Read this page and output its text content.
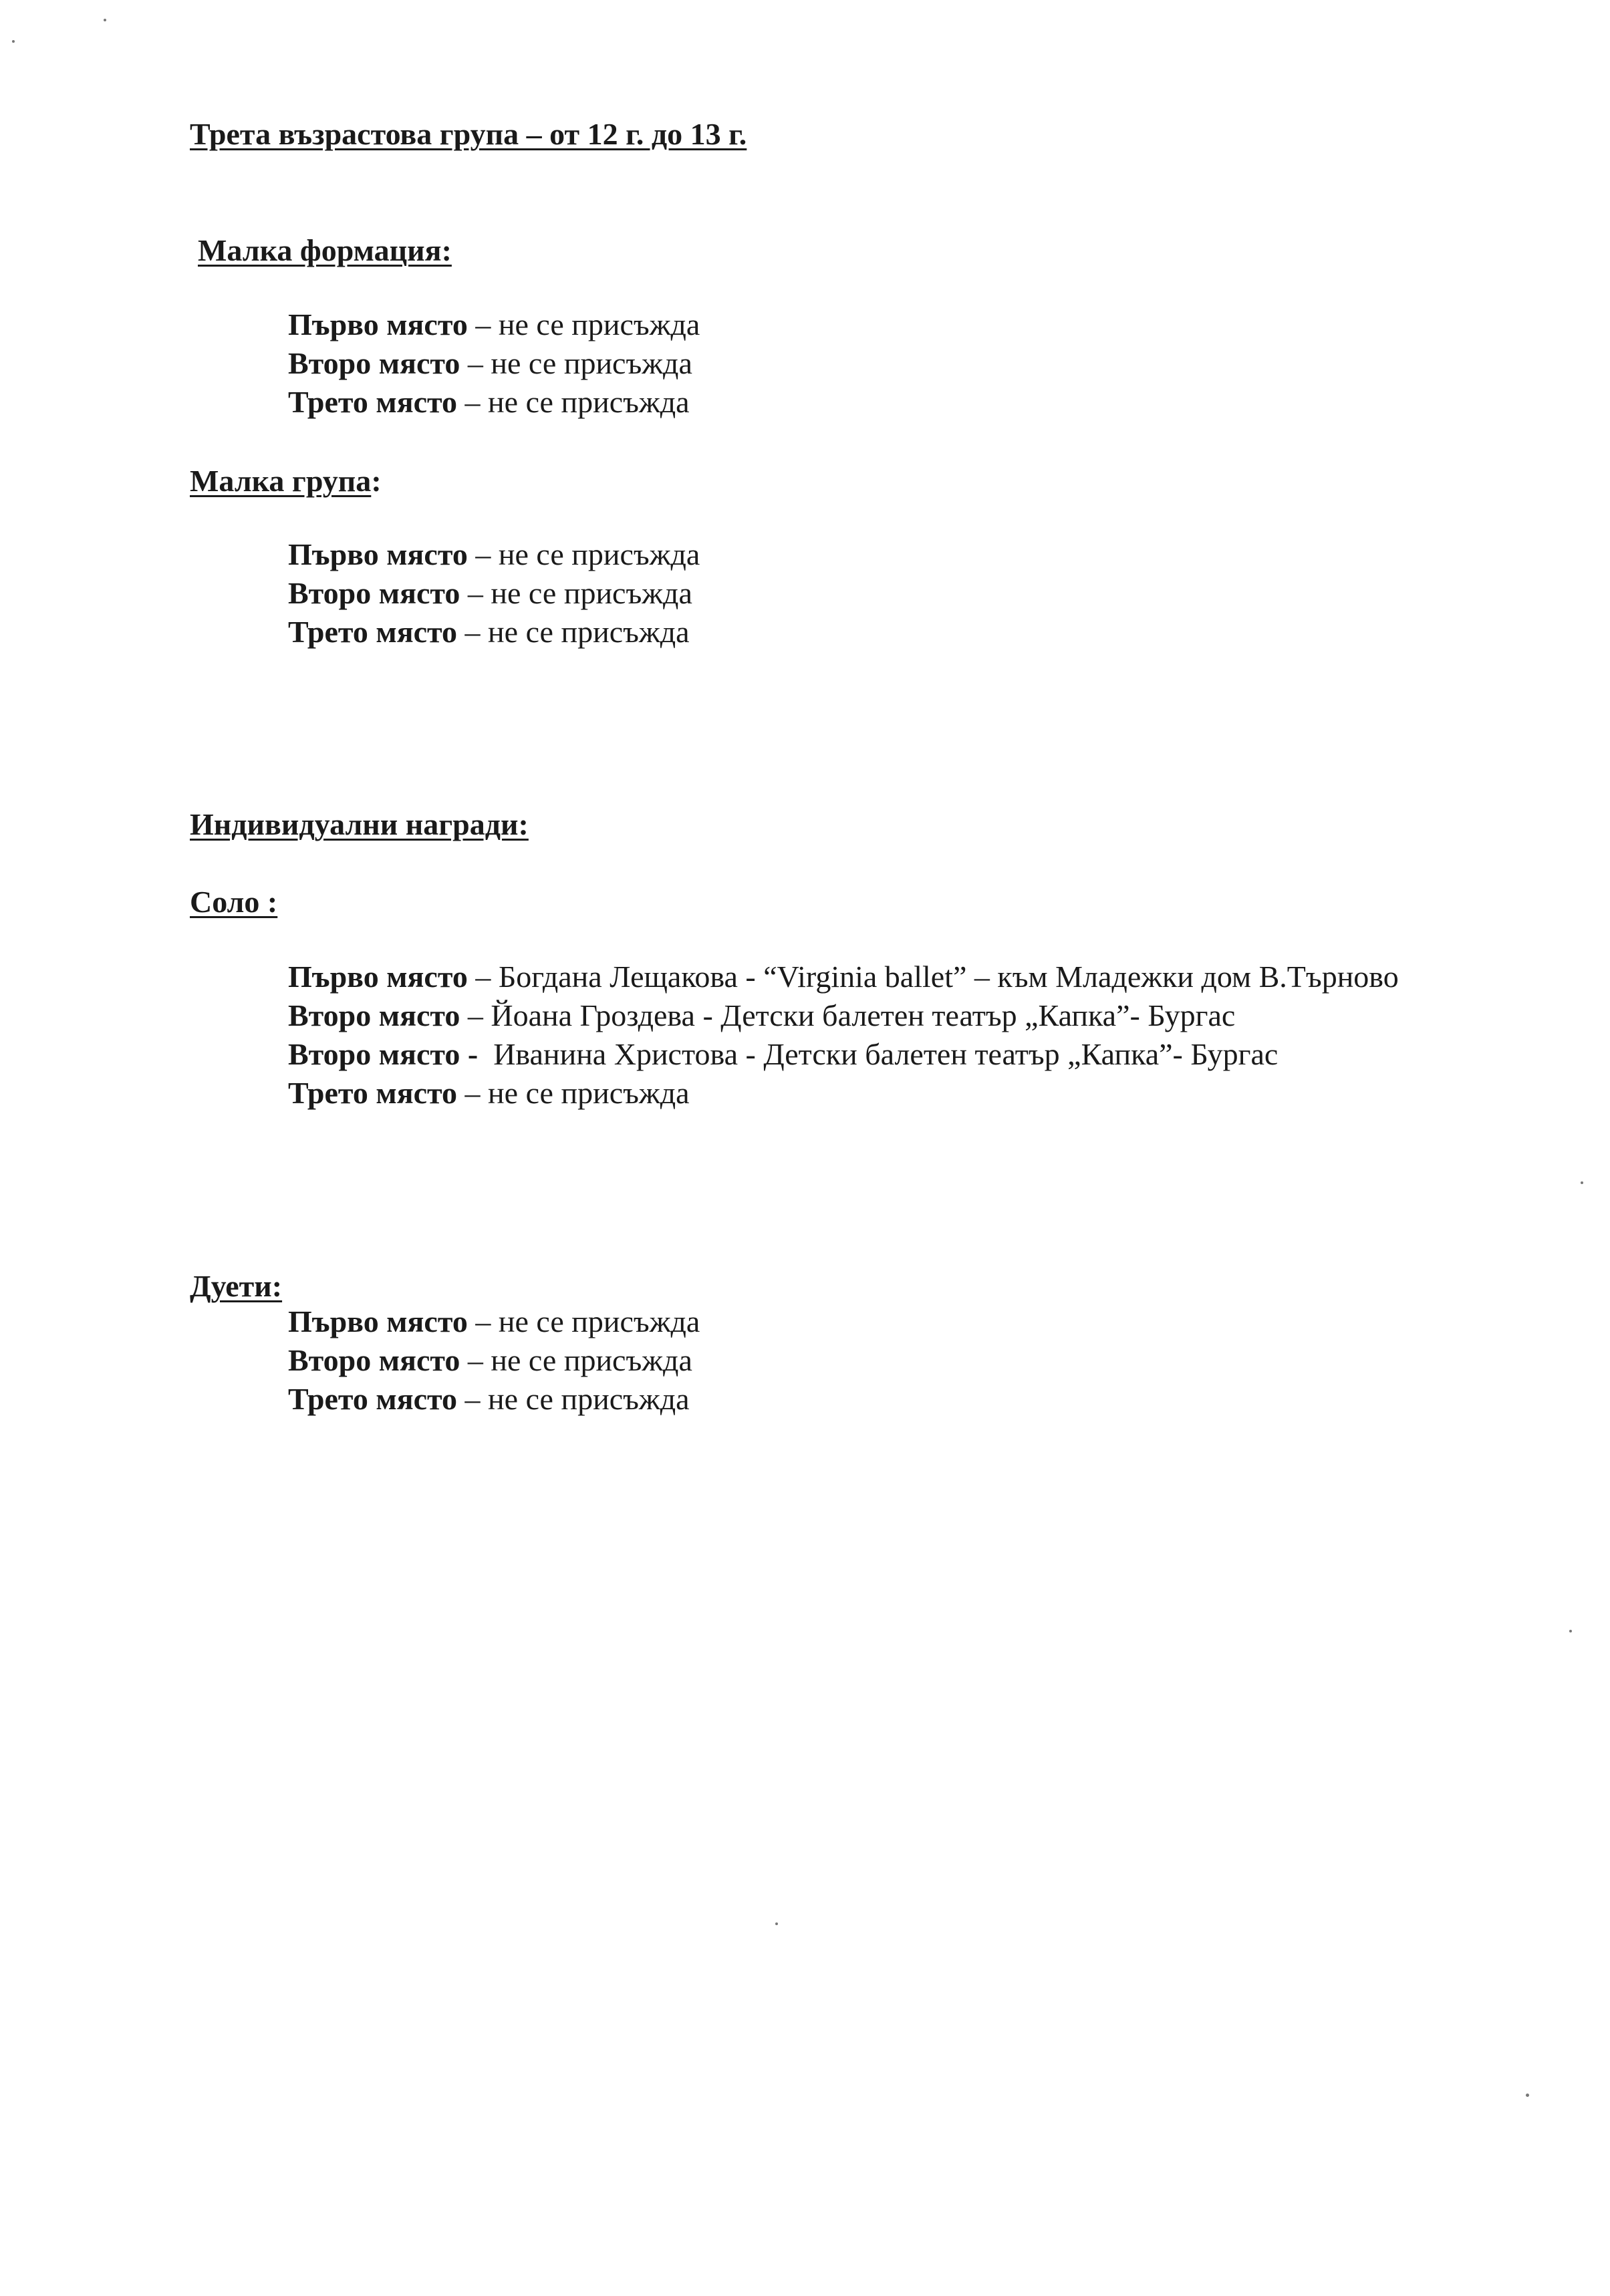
Трета възрастова група – от 12 г. до 13 г.
Малка формация:
Първо място – не се присъжда
Второ място – не се присъжда
Трето място – не се присъжда
Малка група:
Първо място – не се присъжда
Второ място – не се присъжда
Трето място – не се присъжда
Индивидуални награди:
Соло :
Първо място – Богдана Лещакова - “Virginia ballet” – към Младежки дом В.Търново
Второ място – Йоана Гроздева - Детски балетен театър „Капка”- Бургас
Второ място -  Иванина Христова - Детски балетен театър „Капка”- Бургас
Трето място – не се присъжда
Дуети:
Първо място – не се присъжда
Второ място – не се присъжда
Трето място – не се присъжда
